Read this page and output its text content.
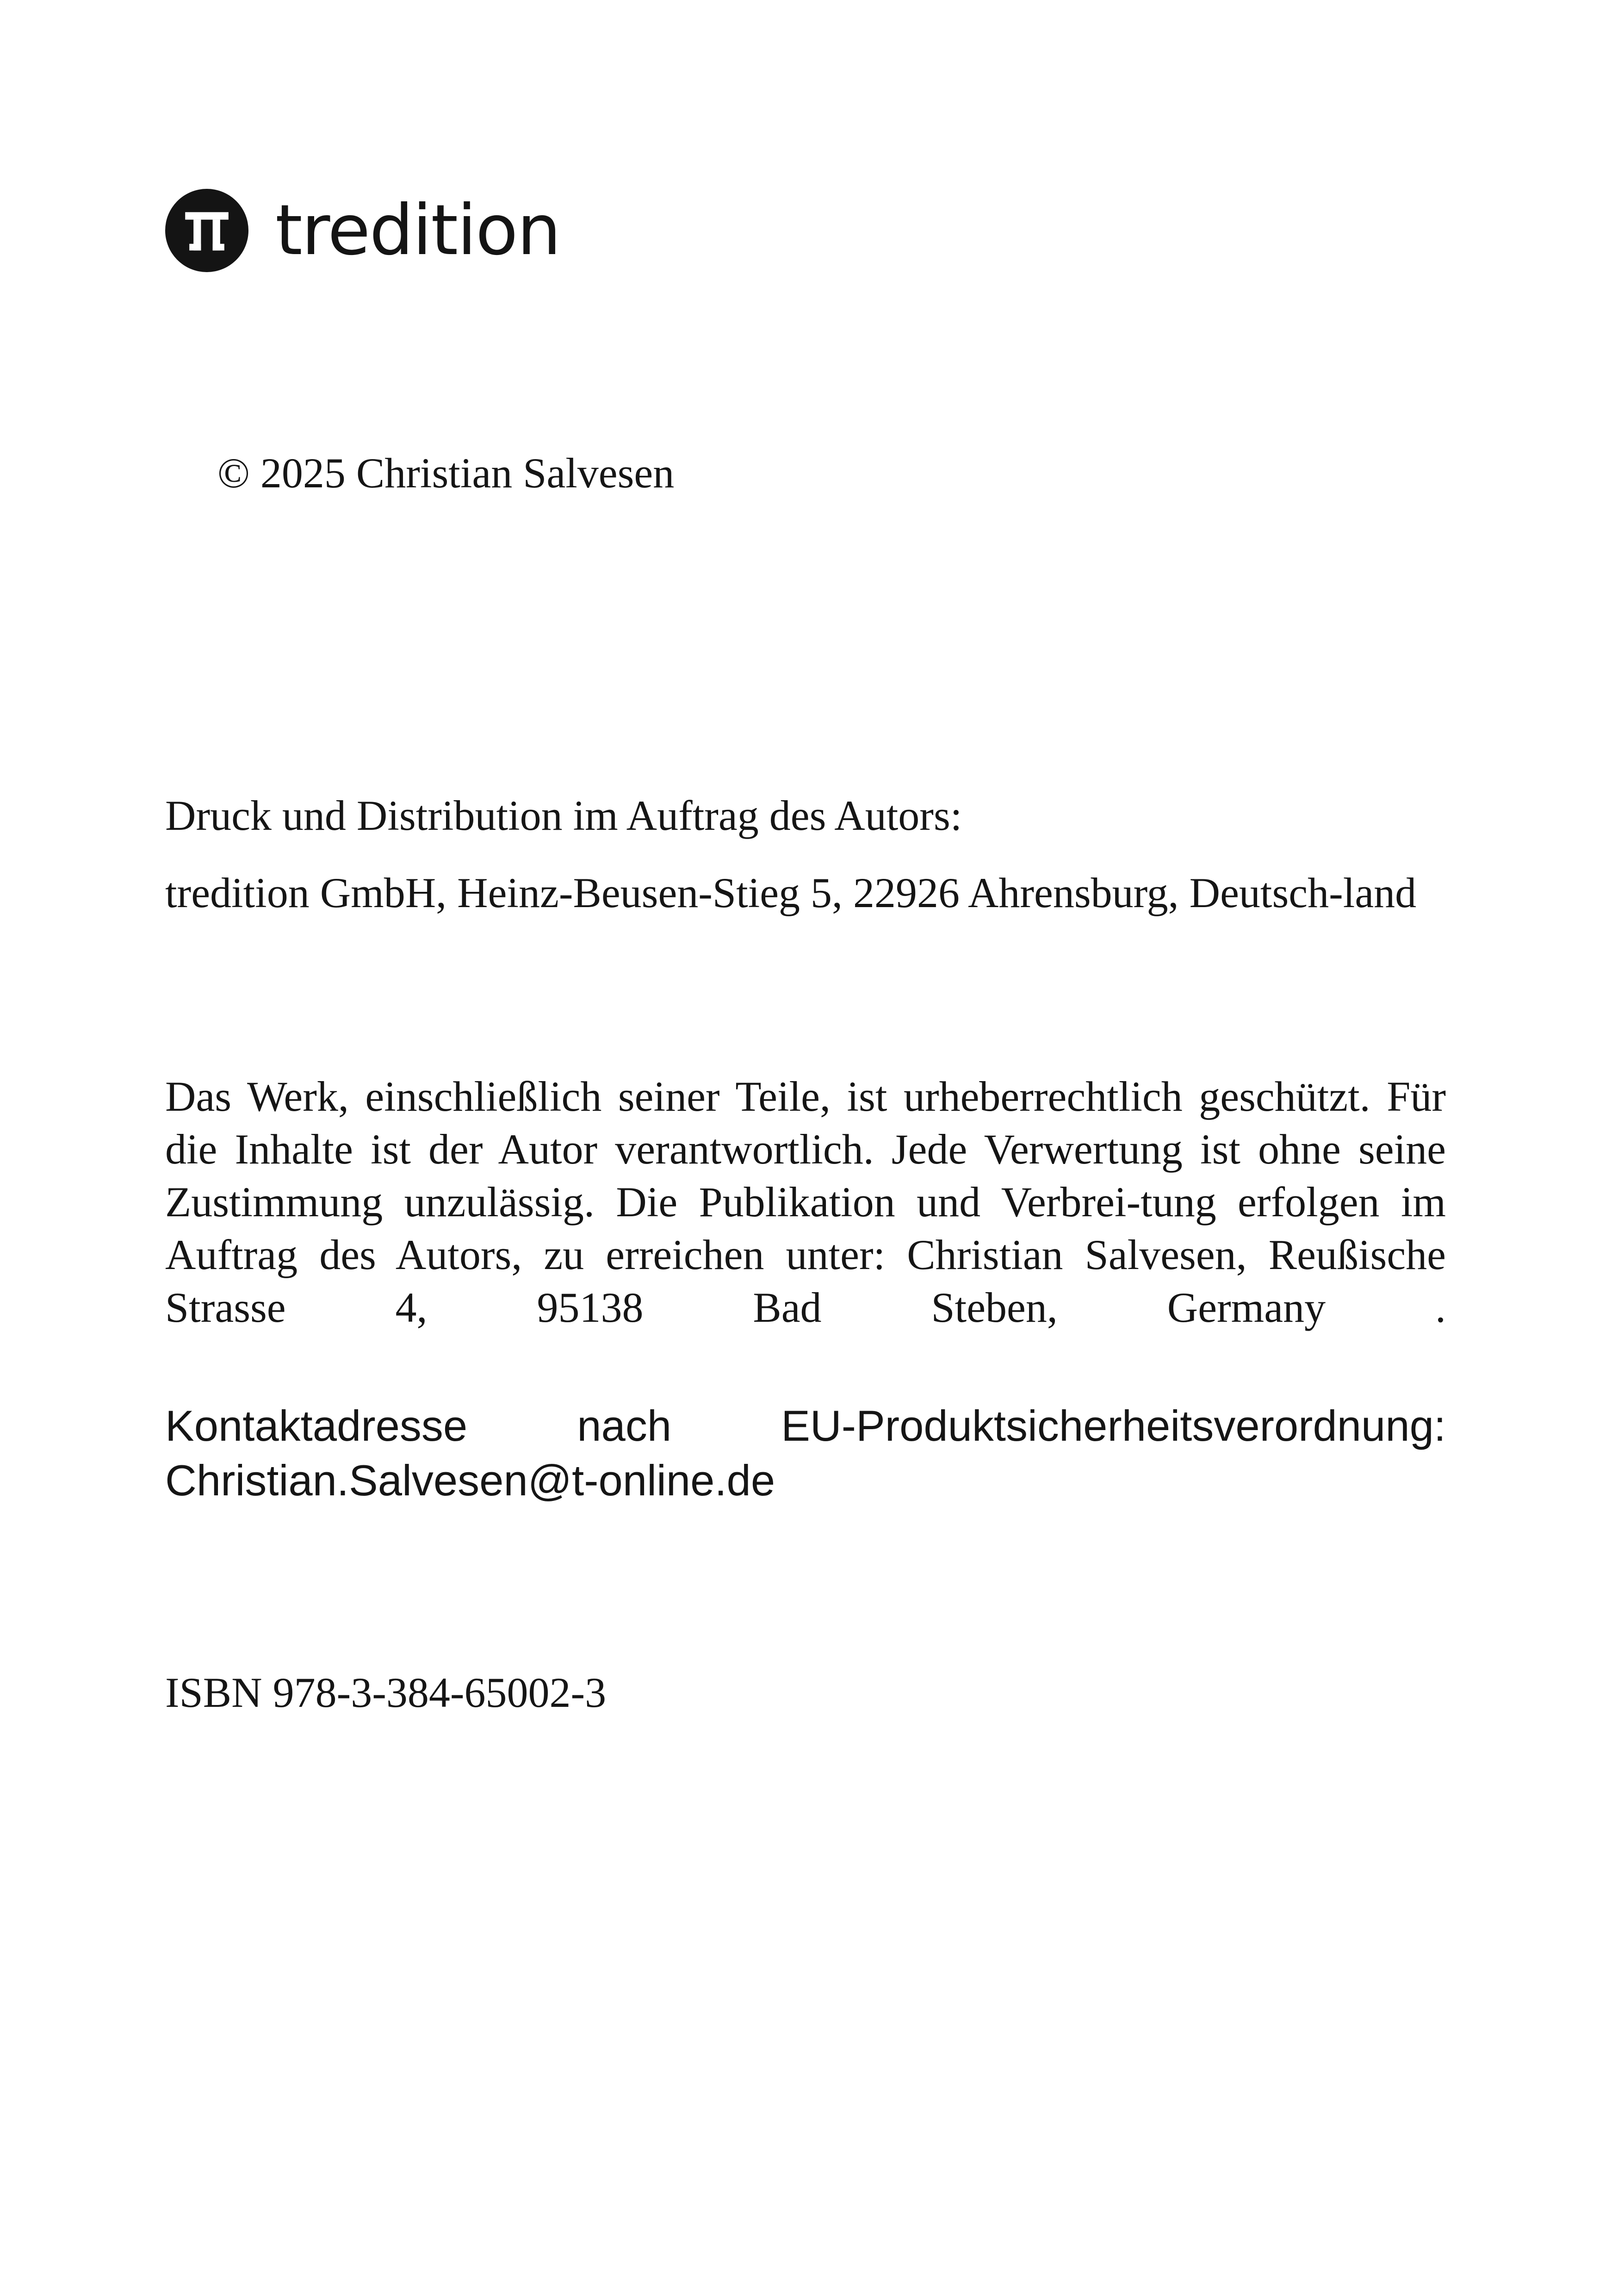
tredition
© 2025 Christian Salvesen
Druck und Distribution im Auftrag des Autors:
tredition GmbH, Heinz-Beusen-Stieg 5, 22926 Ahrensburg, Deutsch-land
Das Werk, einschließlich seiner Teile, ist urheberrechtlich geschützt. Für die Inhalte ist der Autor verantwortlich. Jede Verwertung ist ohne seine Zustimmung unzulässig. Die Publikation und Verbrei-tung erfolgen im Auftrag des Autors, zu erreichen unter: Christian Salvesen, Reußische Strasse 4, 95138 Bad Steben, Germany .
Kontaktadresse	nach	EU-Produktsicherheitsverordnung:
Christian.Salvesen@t-online.de
ISBN 978-3-384-65002-3
